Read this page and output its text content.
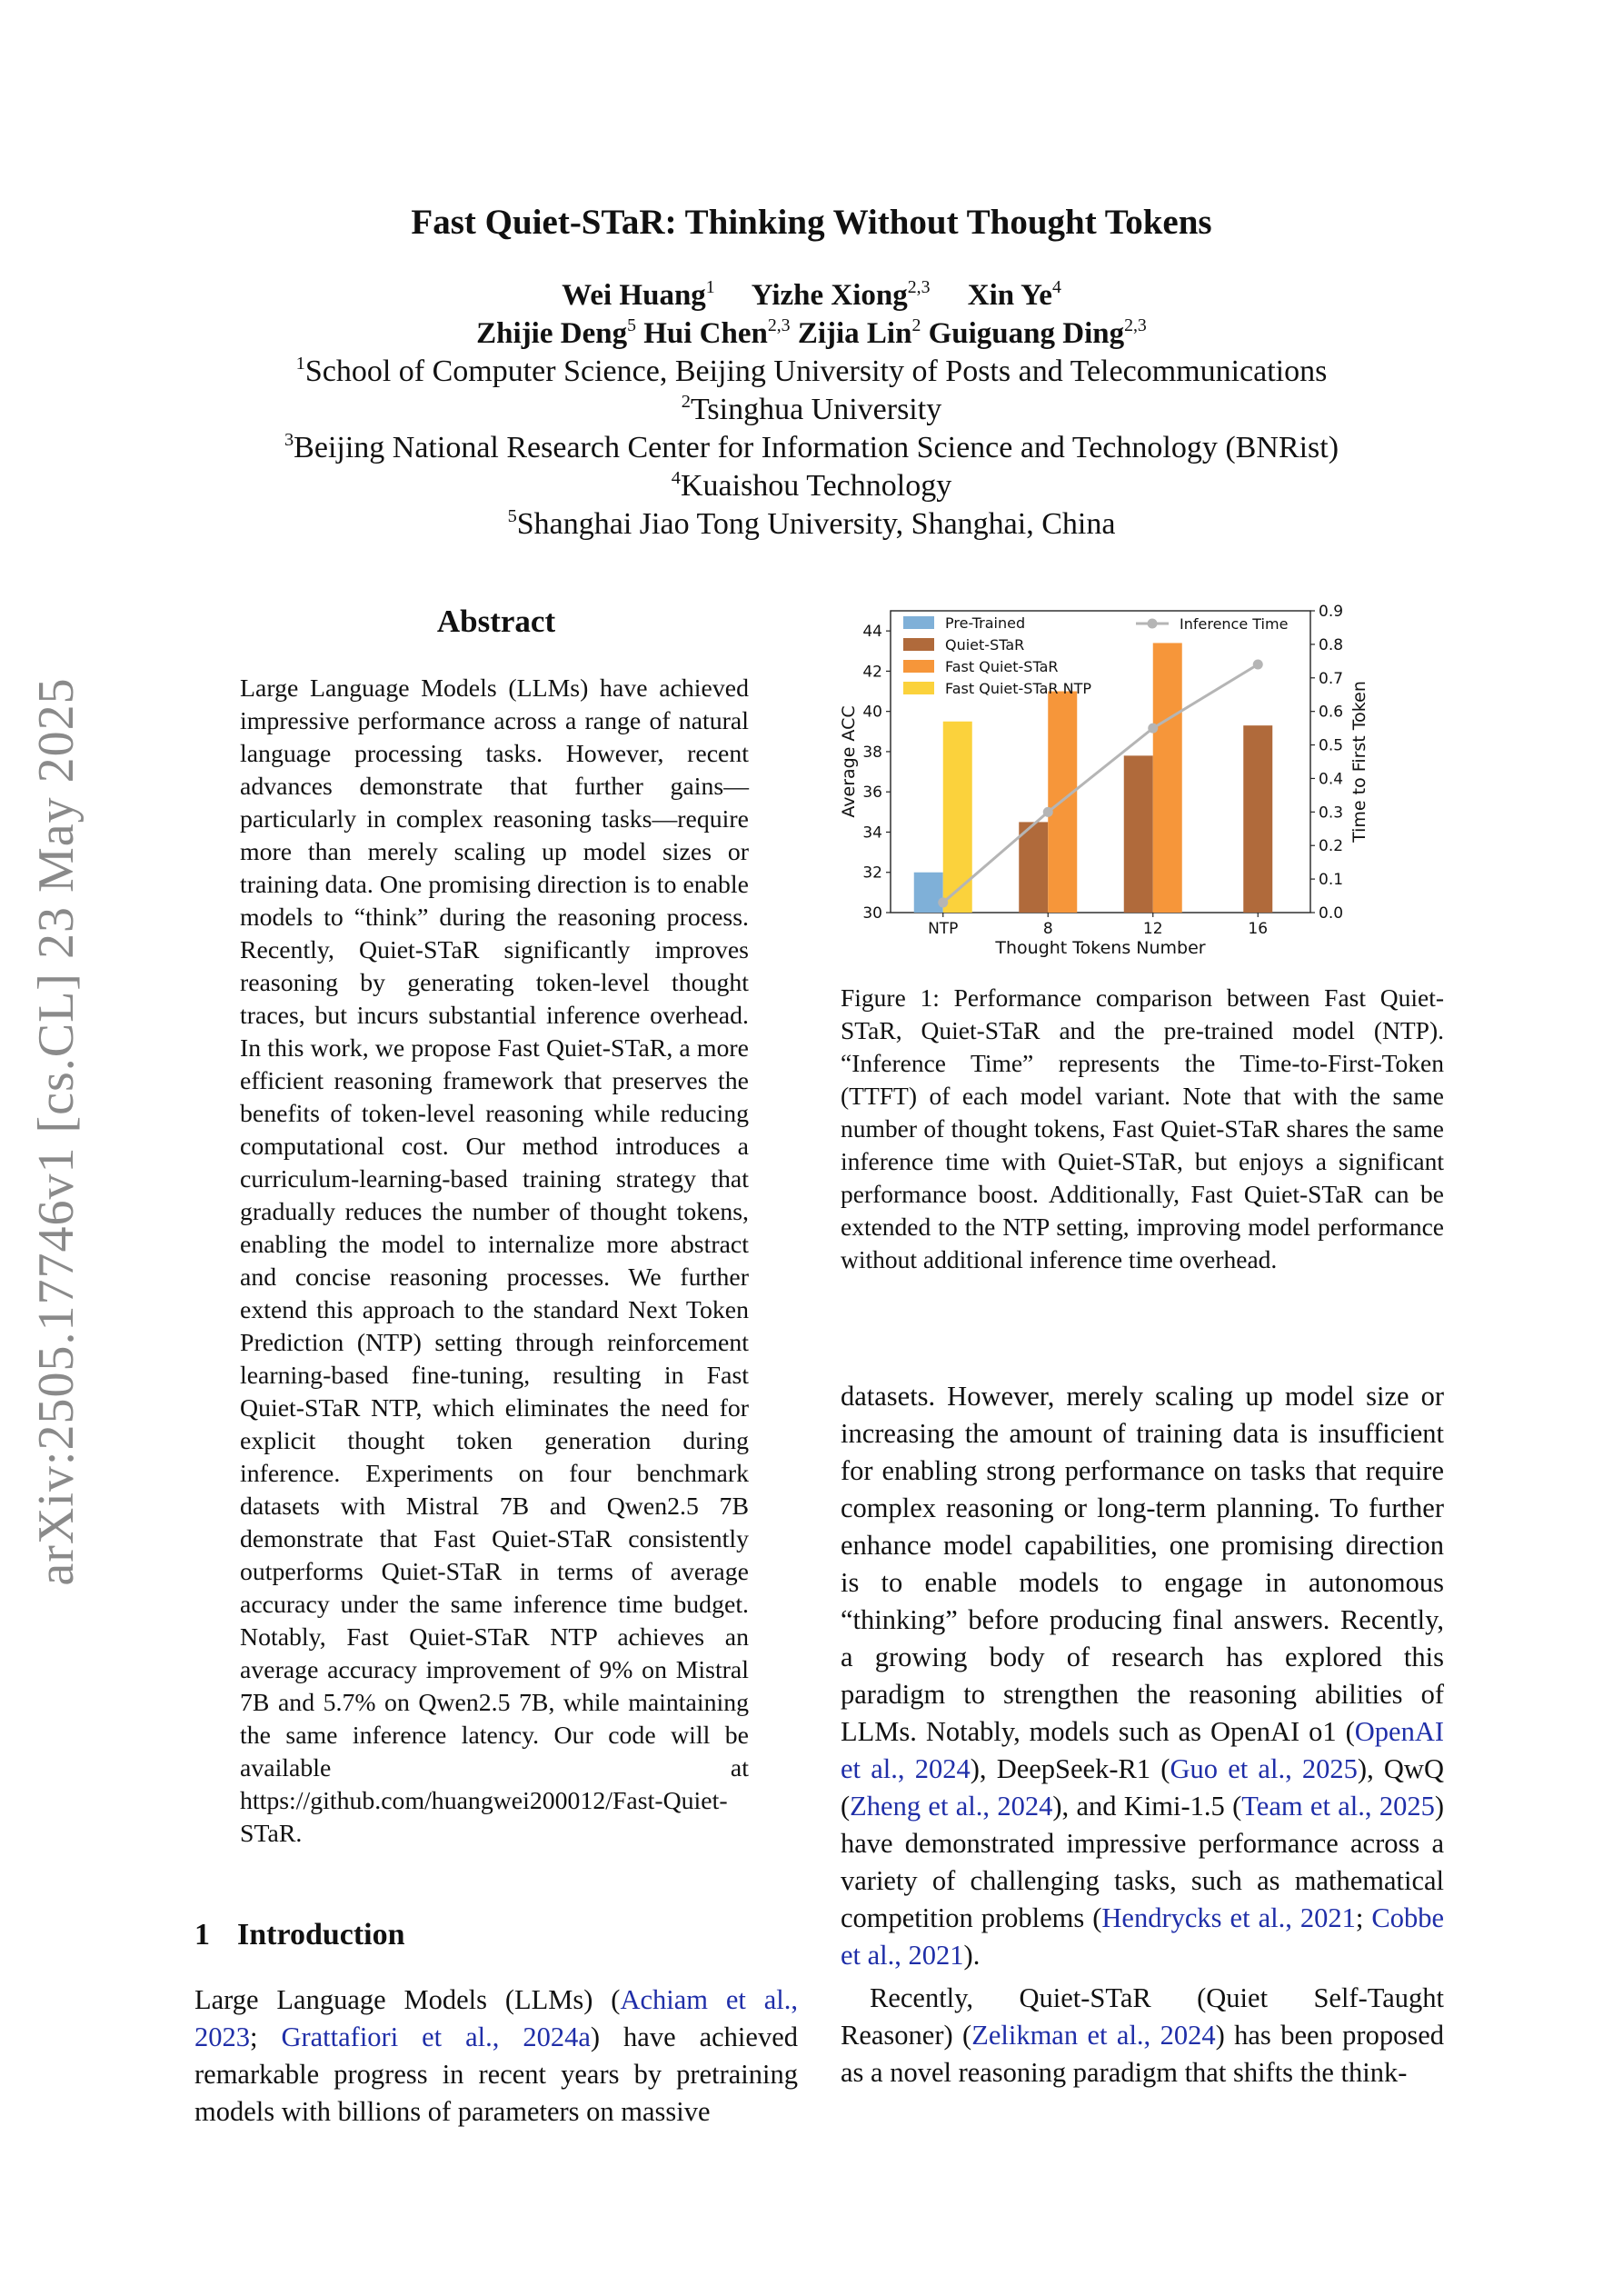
arXiv:2505.17746v1 [cs.CL] 23 May 2025
Fast Quiet-STaR: Thinking Without Thought Tokens
Wei Huang$^1$ Yizhe Xiong$^{2,3}$ Xin Ye$^4$
Zhijie Deng$^5$ Hui Chen$^{2,3}$ Zijia Lin$^2$ Guiguang Ding$^{2,3}$
$^1$School of Computer Science, Beijing University of Posts and Telecommunications
$^2$Tsinghua University
$^3$Beijing National Research Center for Information Science and Technology (BNRist)
$^4$Kuaishou Technology
$^5$Shanghai Jiao Tong University, Shanghai, China
Abstract
Large Language Models (LLMs) have achieved impressive performance across a range of natural language processing tasks. However, recent advances demonstrate that further gains—particularly in complex reasoning tasks—require more than merely scaling up model sizes or training data. One promising direction is to enable models to “think” during the reasoning process. Recently, Quiet-STaR significantly improves reasoning by generating token-level thought traces, but incurs substantial inference overhead. In this work, we propose Fast Quiet-STaR, a more efficient reasoning framework that preserves the benefits of token-level reasoning while reducing computational cost. Our method introduces a curriculum-learning-based training strategy that gradually reduces the number of thought tokens, enabling the model to internalize more abstract and concise reasoning processes. We further extend this approach to the standard Next Token Prediction (NTP) setting through reinforcement learning-based fine-tuning, resulting in Fast Quiet-STaR NTP, which eliminates the need for explicit thought token generation during inference. Experiments on four benchmark datasets with Mistral 7B and Qwen2.5 7B demonstrate that Fast Quiet-STaR consistently outperforms Quiet-STaR in terms of average accuracy under the same inference time budget. Notably, Fast Quiet-STaR NTP achieves an average accuracy improvement of 9% on Mistral 7B and 5.7% on Qwen2.5 7B, while maintaining the same inference latency. Our code will be available at https://github.com/huangwei200012/Fast-Quiet-STaR.
1 Introduction
Large Language Models (LLMs) (Achiam et al., 2023; Grattafiori et al., 2024a) have achieved remarkable progress in recent years by pretraining models with billions of parameters on massive
30
32
34
36
38
40
42
44
0.0
0.1
0.2
0.3
0.4
0.5
0.6
0.7
0.8
0.9
NTP	8	12	16
Thought Tokens Number
Average ACC	Time to First Token
Pre-Trained
Quiet-STaR
Fast Quiet-STaR
Fast Quiet-STaR NTP
Inference Time
Figure 1: Performance comparison between Fast Quiet-STaR, Quiet-STaR and the pre-trained model (NTP). “Inference Time” represents the Time-to-First-Token (TTFT) of each model variant. Note that with the same number of thought tokens, Fast Quiet-STaR shares the same inference time with Quiet-STaR, but enjoys a significant performance boost. Additionally, Fast Quiet-STaR can be extended to the NTP setting, improving model performance without additional inference time overhead.

datasets. However, merely scaling up model size or increasing the amount of training data is insufficient for enabling strong performance on tasks that require complex reasoning or long-term planning. To further enhance model capabilities, one promising direction is to enable models to engage in autonomous “thinking” before producing final answers. Recently, a growing body of research has explored this paradigm to strengthen the reasoning abilities of LLMs. Notably, models such as OpenAI o1 (OpenAI et al., 2024), DeepSeek-R1 (Guo et al., 2025), QwQ (Zheng et al., 2024), and Kimi-1.5 (Team et al., 2025) have demonstrated impressive performance across a variety of challenging tasks, such as mathematical competition problems (Hendrycks et al., 2021; Cobbe et al., 2021).

Recently, Quiet-STaR (Quiet Self-Taught Reasoner) (Zelikman et al., 2024) has been proposed as a novel reasoning paradigm that shifts the think-
